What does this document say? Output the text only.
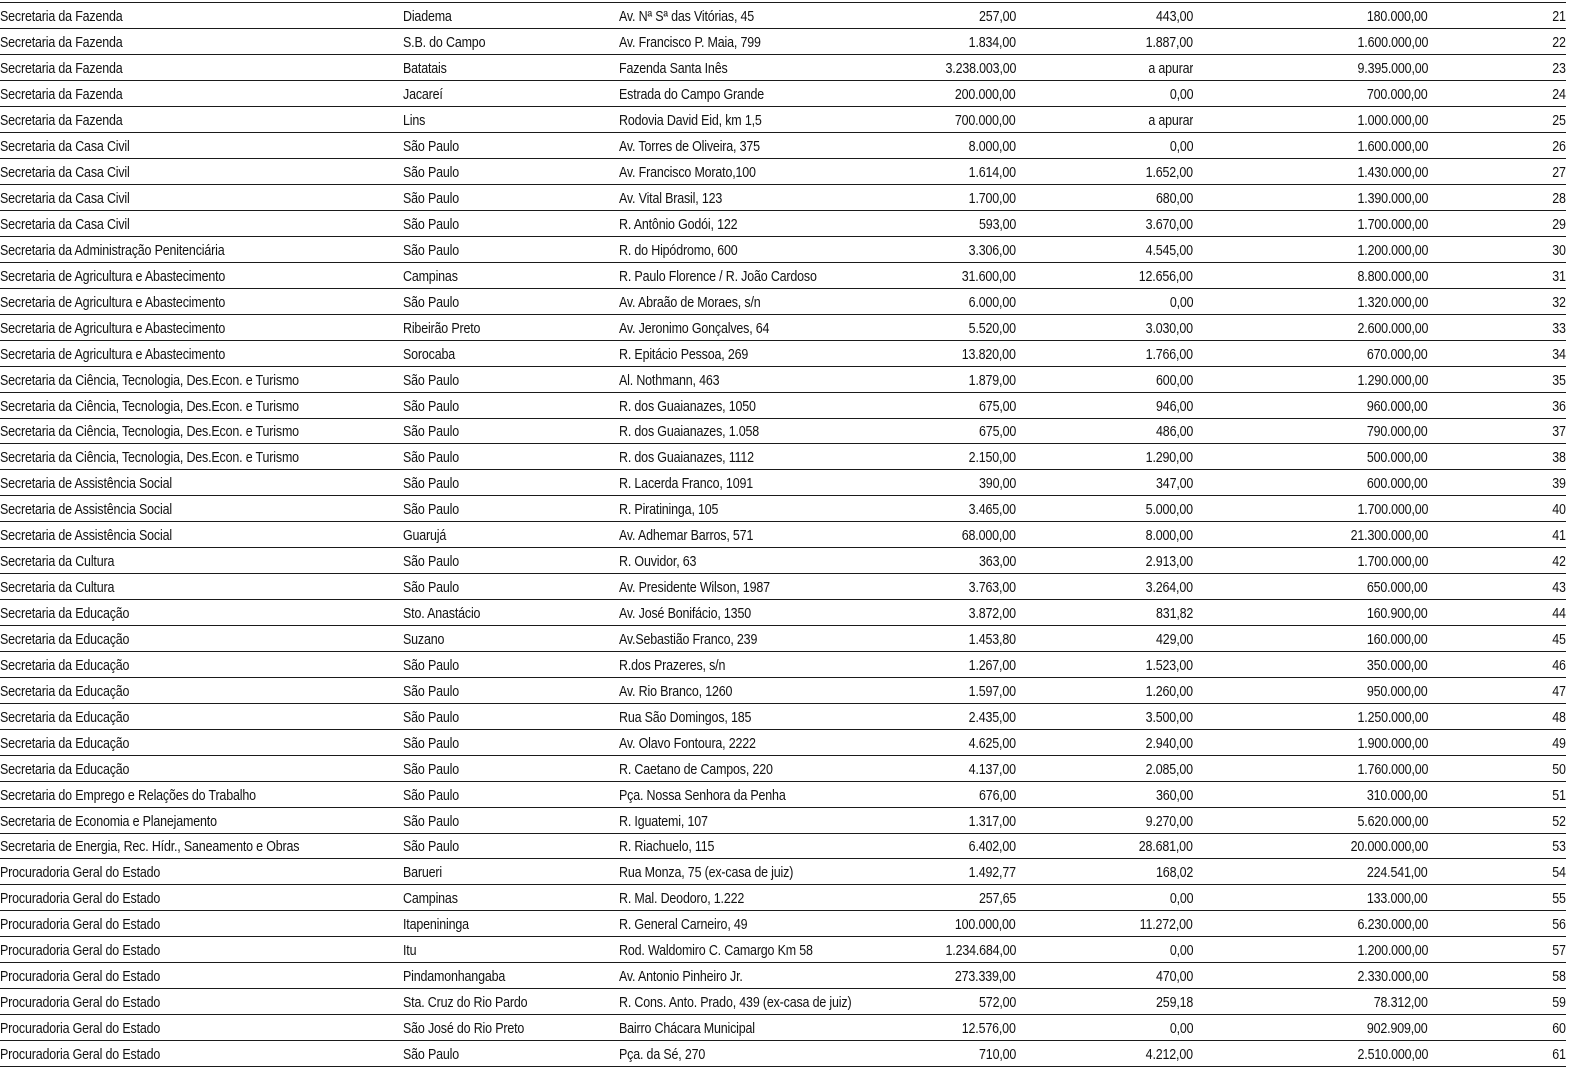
Secretaria da Fazenda	Diadema	Av. Nª Sª das Vitórias, 45	257,00	443,00	180.000,00	21
Secretaria da Fazenda	S.B. do Campo	Av. Francisco P. Maia, 799	1.834,00	1.887,00	1.600.000,00	22
Secretaria da Fazenda	Batatais	Fazenda Santa Inês	3.238.003,00	a apurar	9.395.000,00	23
Secretaria da Fazenda	Jacareí	Estrada do Campo Grande	200.000,00	0,00	700.000,00	24
Secretaria da Fazenda	Lins	Rodovia David Eid, km 1,5	700.000,00	a apurar	1.000.000,00	25
Secretaria da Casa Civil	São Paulo	Av. Torres de Oliveira, 375	8.000,00	0,00	1.600.000,00	26
Secretaria da Casa Civil	São Paulo	Av. Francisco Morato,100	1.614,00	1.652,00	1.430.000,00	27
Secretaria da Casa Civil	São Paulo	Av. Vital Brasil, 123	1.700,00	680,00	1.390.000,00	28
Secretaria da Casa Civil	São Paulo	R. Antônio Godói, 122	593,00	3.670,00	1.700.000,00	29
Secretaria da Administração Penitenciária	São Paulo	R. do Hipódromo, 600	3.306,00	4.545,00	1.200.000,00	30
Secretaria de Agricultura e Abastecimento	Campinas	R. Paulo Florence / R. João Cardoso	31.600,00	12.656,00	8.800.000,00	31
Secretaria de Agricultura e Abastecimento	São Paulo	Av. Abraão de Moraes, s/n	6.000,00	0,00	1.320.000,00	32
Secretaria de Agricultura e Abastecimento	Ribeirão Preto	Av. Jeronimo Gonçalves, 64	5.520,00	3.030,00	2.600.000,00	33
Secretaria de Agricultura e Abastecimento	Sorocaba	R. Epitácio Pessoa, 269	13.820,00	1.766,00	670.000,00	34
Secretaria da Ciência, Tecnologia, Des.Econ. e Turismo	São Paulo	Al. Nothmann, 463	1.879,00	600,00	1.290.000,00	35
Secretaria da Ciência, Tecnologia, Des.Econ. e Turismo	São Paulo	R. dos Guaianazes, 1050	675,00	946,00	960.000,00	36
Secretaria da Ciência, Tecnologia, Des.Econ. e Turismo	São Paulo	R. dos Guaianazes, 1.058	675,00	486,00	790.000,00	37
Secretaria da Ciência, Tecnologia, Des.Econ. e Turismo	São Paulo	R. dos Guaianazes, 1112	2.150,00	1.290,00	500.000,00	38
Secretaria de Assistência Social	São Paulo	R. Lacerda Franco, 1091	390,00	347,00	600.000,00	39
Secretaria de Assistência Social	São Paulo	R. Piratininga, 105	3.465,00	5.000,00	1.700.000,00	40
Secretaria de Assistência Social	Guarujá	Av. Adhemar Barros, 571	68.000,00	8.000,00	21.300.000,00	41
Secretaria da Cultura	São Paulo	R. Ouvidor, 63	363,00	2.913,00	1.700.000,00	42
Secretaria da Cultura	São Paulo	Av. Presidente Wilson, 1987	3.763,00	3.264,00	650.000,00	43
Secretaria da Educação	Sto. Anastácio	Av. José Bonifácio, 1350	3.872,00	831,82	160.900,00	44
Secretaria da Educação	Suzano	Av.Sebastião Franco, 239	1.453,80	429,00	160.000,00	45
Secretaria da Educação	São Paulo	R.dos Prazeres, s/n	1.267,00	1.523,00	350.000,00	46
Secretaria da Educação	São Paulo	Av. Rio Branco, 1260	1.597,00	1.260,00	950.000,00	47
Secretaria da Educação	São Paulo	Rua São Domingos, 185	2.435,00	3.500,00	1.250.000,00	48
Secretaria da Educação	São Paulo	Av. Olavo Fontoura, 2222	4.625,00	2.940,00	1.900.000,00	49
Secretaria da Educação	São Paulo	R. Caetano de Campos, 220	4.137,00	2.085,00	1.760.000,00	50
Secretaria do Emprego e Relações do Trabalho	São Paulo	Pça. Nossa Senhora da Penha	676,00	360,00	310.000,00	51
Secretaria de Economia e Planejamento	São Paulo	R. Iguatemi, 107	1.317,00	9.270,00	5.620.000,00	52
Secretaria de Energia, Rec. Hídr., Saneamento e Obras	São Paulo	R. Riachuelo, 115	6.402,00	28.681,00	20.000.000,00	53
Procuradoria Geral do Estado	Barueri	Rua Monza, 75 (ex-casa de juiz)	1.492,77	168,02	224.541,00	54
Procuradoria Geral do Estado	Campinas	R. Mal. Deodoro, 1.222	257,65	0,00	133.000,00	55
Procuradoria Geral do Estado	Itapenininga	R. General Carneiro, 49	100.000,00	11.272,00	6.230.000,00	56
Procuradoria Geral do Estado	Itu	Rod. Waldomiro C. Camargo Km 58	1.234.684,00	0,00	1.200.000,00	57
Procuradoria Geral do Estado	Pindamonhangaba	Av. Antonio Pinheiro Jr.	273.339,00	470,00	2.330.000,00	58
Procuradoria Geral do Estado	Sta. Cruz do Rio Pardo	R. Cons. Anto. Prado, 439 (ex-casa de juiz)	572,00	259,18	78.312,00	59
Procuradoria Geral do Estado	São José do Rio Preto	Bairro Chácara Municipal	12.576,00	0,00	902.909,00	60
Procuradoria Geral do Estado	São Paulo	Pça. da Sé, 270	710,00	4.212,00	2.510.000,00	61
